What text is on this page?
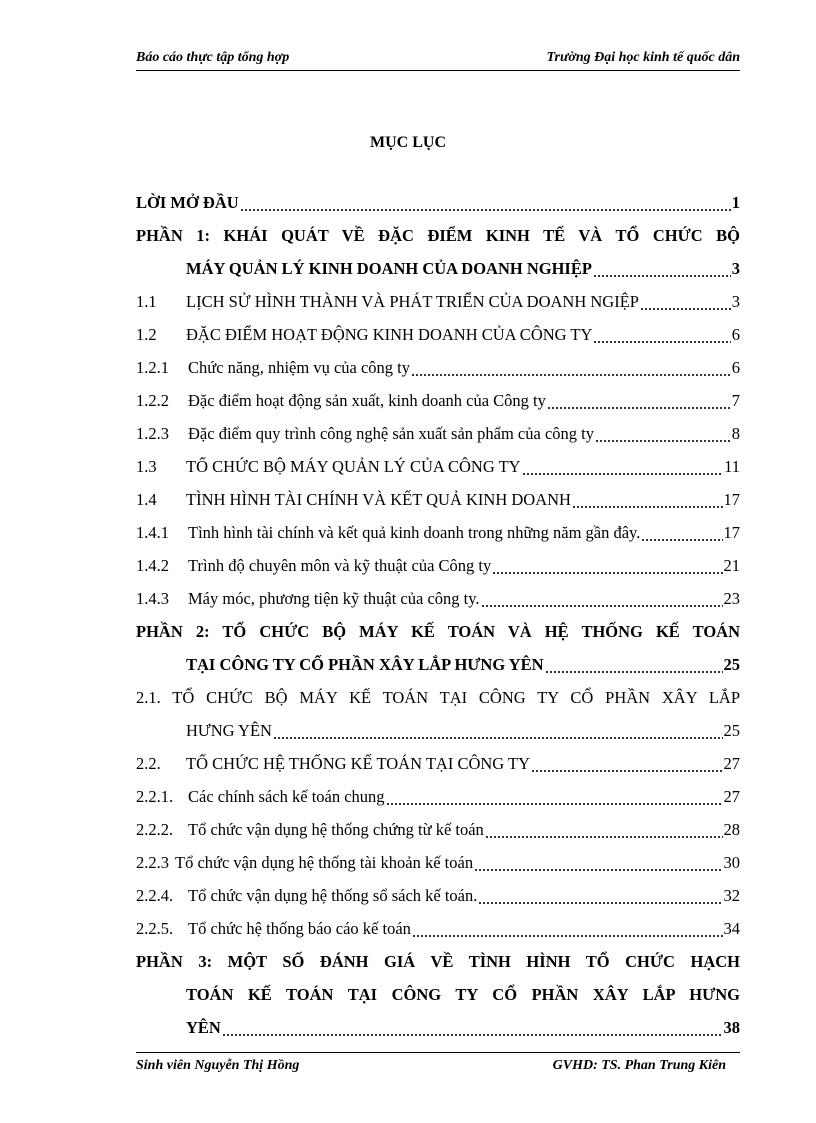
Báo cáo thực tập tổng hợp	Trường Đại học kinh tế quốc dân
MỤC LỤC
LỜI MỞ ĐẦU	1
PHẦN 1: KHÁI QUÁT VỀ ĐẶC ĐIỂM KINH TẾ VÀ TỔ CHỨC BỘ
MÁY QUẢN LÝ KINH DOANH CỦA DOANH NGHIỆP	3
1.1	LỊCH SỬ HÌNH THÀNH VÀ PHÁT TRIỂN CỦA DOANH NGIỆP	3
1.2	ĐẶC ĐIỂM HOẠT ĐỘNG KINH DOANH CỦA CÔNG TY	6
1.2.1	Chức năng, nhiệm vụ của công ty	6
1.2.2	Đặc điểm hoạt động sản xuất, kinh doanh của Công ty	7
1.2.3	Đặc điểm quy trình công nghệ sản xuất sản phẩm của công ty	8
1.3	TỔ CHỨC BỘ MÁY QUẢN LÝ CỦA CÔNG TY	11
1.4	TÌNH HÌNH TÀI CHÍNH VÀ KẾT QUẢ KINH DOANH	17
1.4.1	Tình hình tài chính và kết quả kinh doanh trong những năm gần đây.	17
1.4.2	Trình độ chuyên môn và kỹ thuật của Công ty	21
1.4.3	Máy móc, phương tiện kỹ thuật của công ty.	23
PHẦN 2: TỔ CHỨC BỘ MÁY KẾ TOÁN VÀ HỆ THỐNG KẾ TOÁN
TẠI CÔNG TY CỔ PHẦN XÂY LẮP HƯNG YÊN	25
2.1. TỔ CHỨC BỘ MÁY KẾ TOÁN TẠI CÔNG TY CỔ PHẦN XÂY LẮP
HƯNG YÊN	25
2.2.	TỔ CHỨC HỆ THỐNG KẾ TOÁN TẠI CÔNG TY	27
2.2.1. Các chính sách kế toán chung	27
2.2.2. Tổ chức vận dụng hệ thống chứng từ kế toán	28
2.2.3 Tổ chức vận dụng hệ thống tài khoản kế toán	30
2.2.4. Tổ chức vận dụng hệ thống sổ sách kế toán.	32
2.2.5. Tổ chức hệ thống báo cáo kế toán	34
PHẦN 3: MỘT SỐ ĐÁNH GIÁ VỀ TÌNH HÌNH TỔ CHỨC HẠCH
TOÁN KẾ TOÁN TẠI CÔNG TY CỔ PHẦN XÂY LẮP HƯNG
YÊN	38
Sinh viên Nguyễn Thị Hồng	GVHD: TS. Phan Trung Kiên
